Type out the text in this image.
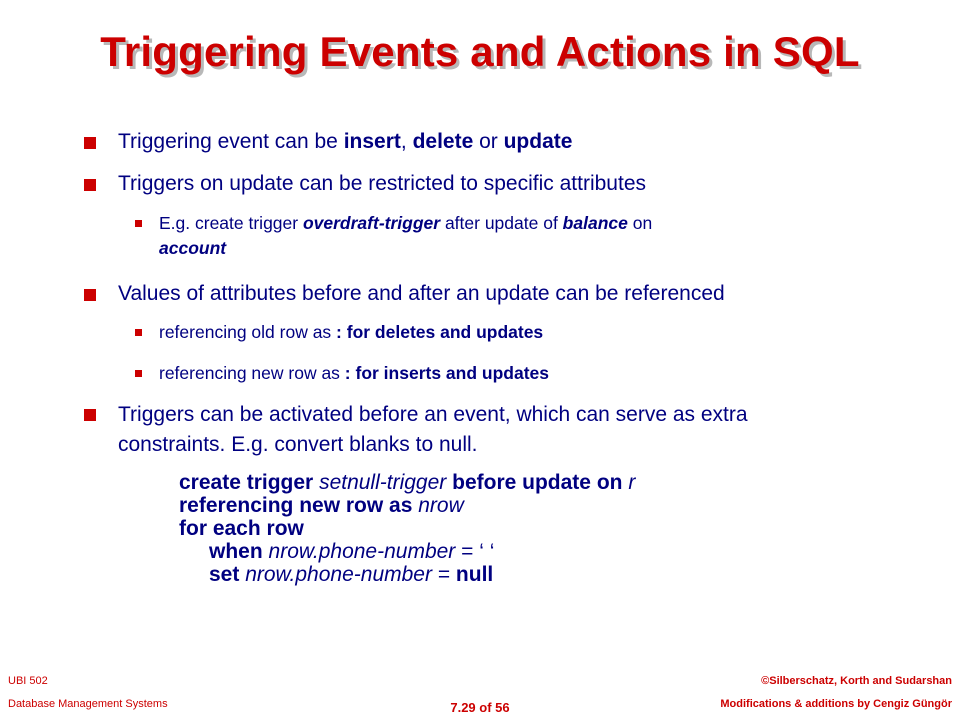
Triggering Events and Actions in SQL
Triggering event can be insert, delete or update
Triggers on update can be restricted to specific attributes
E.g. create trigger overdraft-trigger after update of balance on
account
Values of attributes before and after an update can be referenced
referencing old row as : for deletes and updates
referencing new row as : for inserts and updates
Triggers can be activated before an event, which can serve as extra
constraints. E.g. convert blanks to null.
create trigger setnull-trigger before update on r
referencing new row as nrow
for each row
when nrow.phone-number = ‘ ‘
set nrow.phone-number = null
UBI 502
Database Management Systems	7.29 of 56
©Silberschatz, Korth and Sudarshan
Modifications & additions by Cengiz Güngör
